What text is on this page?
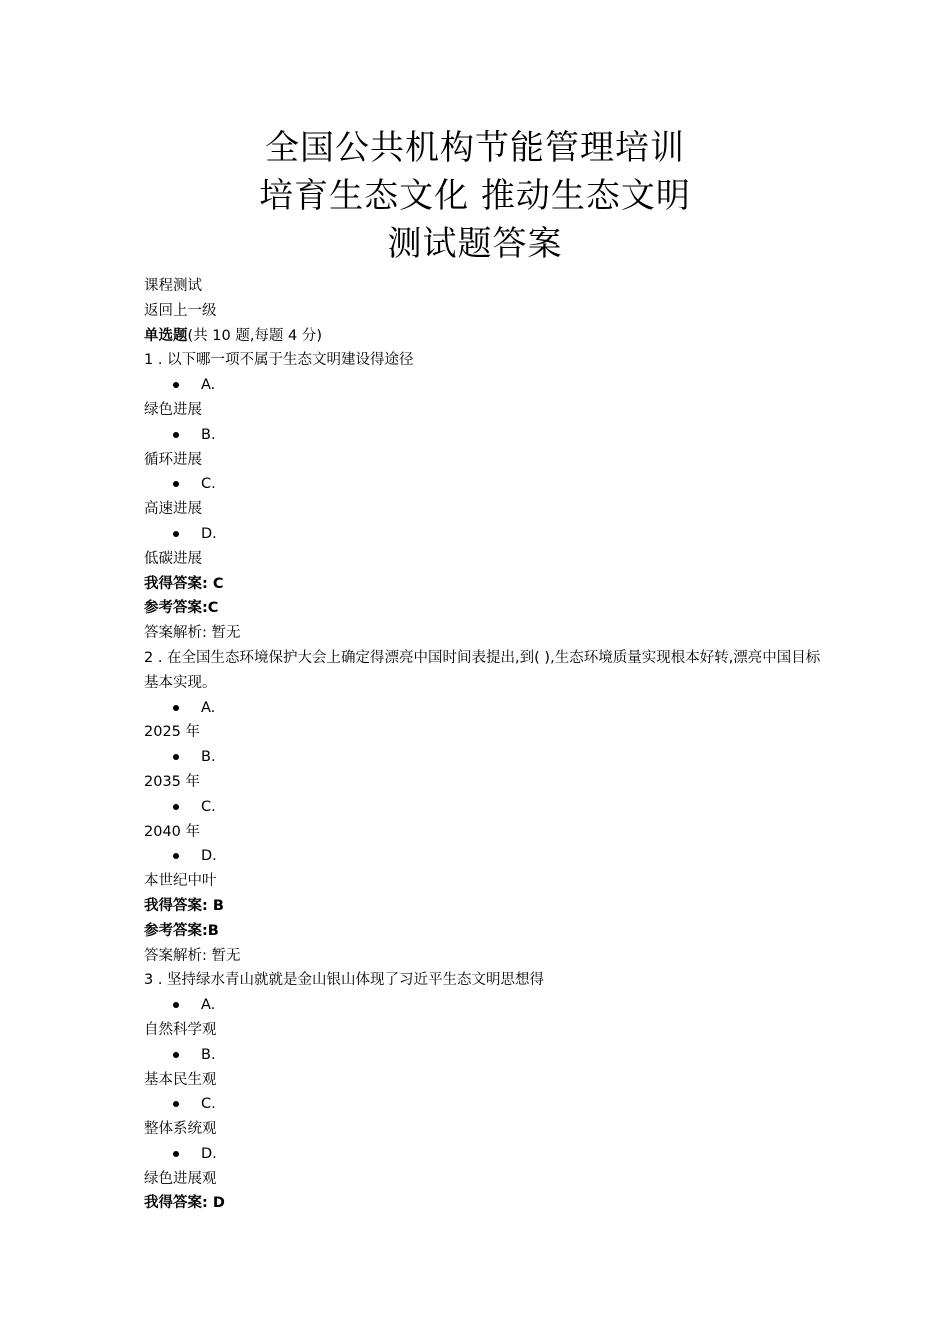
全国公共机构节能管理培训
培育生态文化 推动生态文明
测试题答案
课程测试
返回上一级
单选题(共 10 题,每题 4 分)
1 . 以下哪一项不属于生态文明建设得途径
A.
绿色进展
B.
循环进展
C.
高速进展
D.
低碳进展
我得答案: C
参考答案:C
答案解析: 暂无
2 . 在全国生态环境保护大会上确定得漂亮中国时间表提出,到( ),生态环境质量实现根本好转,漂亮中国目标基本实现。
A.
2025 年
B.
2035 年
C.
2040 年
D.
本世纪中叶
我得答案: B
参考答案:B
答案解析: 暂无
3 . 坚持绿水青山就就是金山银山体现了习近平生态文明思想得
A.
自然科学观
B.
基本民生观
C.
整体系统观
D.
绿色进展观
我得答案: D
